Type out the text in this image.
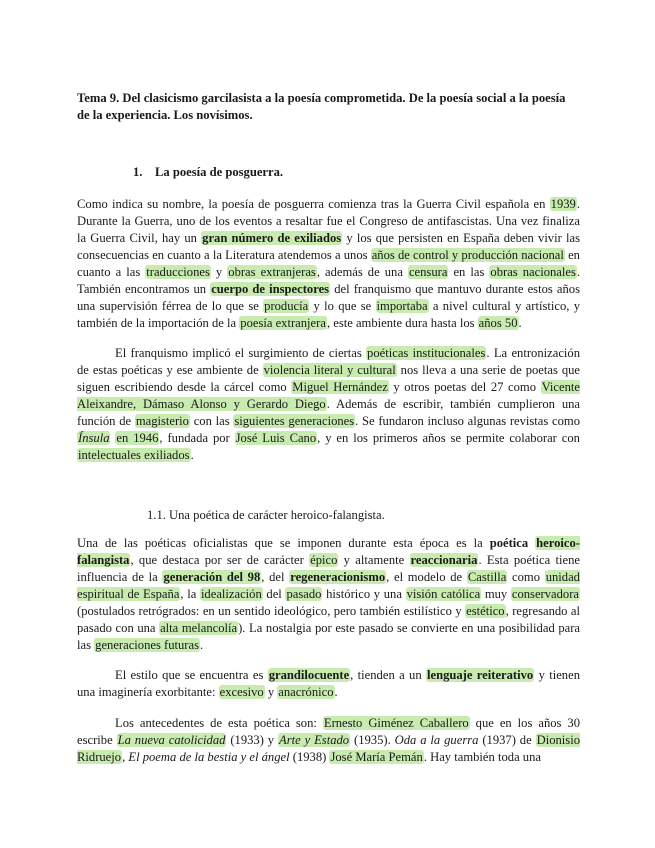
Tema 9. Del clasicismo garcilasista a la poesía comprometida. De la poesía social a la poesía de la experiencia. Los novísimos.

1. La poesía de posguerra.

Como indica su nombre, la poesía de posguerra comienza tras la Guerra Civil española en 1939. Durante la Guerra, uno de los eventos a resaltar fue el Congreso de antifascistas. Una vez finaliza la Guerra Civil, hay un gran número de exiliados y los que persisten en España deben vivir las consecuencias en cuanto a la Literatura atendemos a unos años de control y producción nacional en cuanto a las traducciones y obras extranjeras, además de una censura en las obras nacionales. También encontramos un cuerpo de inspectores del franquismo que mantuvo durante estos años una supervisión férrea de lo que se producía y lo que se importaba a nivel cultural y artístico, y también de la importación de la poesía extranjera, este ambiente dura hasta los años 50.

El franquismo implicó el surgimiento de ciertas poéticas institucionales. La entronización de estas poéticas y ese ambiente de violencia literal y cultural nos lleva a una serie de poetas que siguen escribiendo desde la cárcel como Miguel Hernández y otros poetas del 27 como Vicente Aleixandre, Dámaso Alonso y Gerardo Diego. Además de escribir, también cumplieron una función de magisterio con las siguientes generaciones. Se fundaron incluso algunas revistas como Ínsula en 1946, fundada por José Luis Cano, y en los primeros años se permite colaborar con intelectuales exiliados.

1.1. Una poética de carácter heroico-falangista.

Una de las poéticas oficialistas que se imponen durante esta época es la poética heroico-falangista, que destaca por ser de carácter épico y altamente reaccionaria. Esta poética tiene influencia de la generación del 98, del regeneracionismo, el modelo de Castilla como unidad espiritual de España, la idealización del pasado histórico y una visión católica muy conservadora (postulados retrógrados: en un sentido ideológico, pero también estilístico y estético, regresando al pasado con una alta melancolía). La nostalgia por este pasado se convierte en una posibilidad para las generaciones futuras.

El estilo que se encuentra es grandilocuente, tienden a un lenguaje reiterativo y tienen una imaginería exorbitante: excesivo y anacrónico.

Los antecedentes de esta poética son: Ernesto Giménez Caballero que en los años 30 escribe La nueva catolicidad (1933) y Arte y Estado (1935). Oda a la guerra (1937) de Dionisio Ridruejo, El poema de la bestia y el ángel (1938) José María Pemán. Hay también toda una
